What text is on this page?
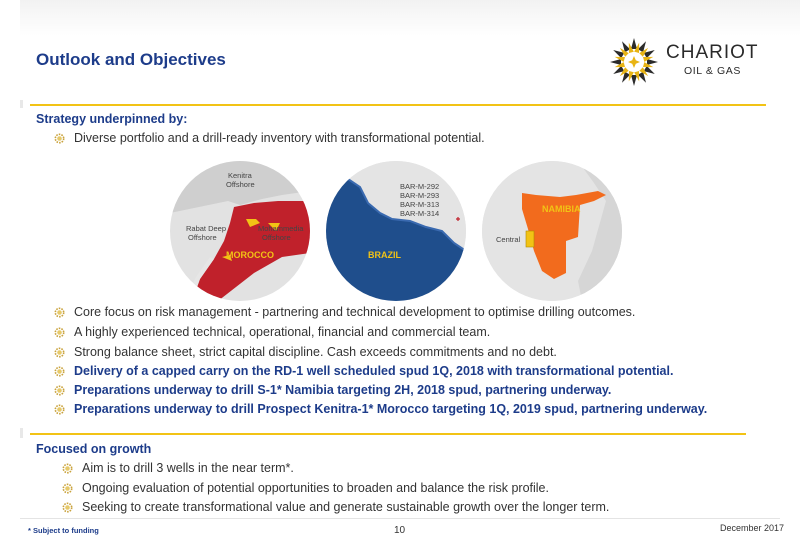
Outlook and Objectives	CHARIOT
OIL & GAS
Strategy underpinned by:
Diverse portfolio and a drill-ready inventory with transformational potential.
Kenitra
Offshore
Rabat Deep
Offshore
Mohammedia
Offshore
MOROCCO
BAR-M-292
BAR-M-293
BAR-M-313
BAR-M-314
BRAZIL
Central
NAMIBIA
Core focus on risk management - partnering and technical development to optimise drilling outcomes.
A highly experienced technical, operational, financial and commercial team.
Strong balance sheet, strict capital discipline. Cash exceeds commitments and no debt.
Delivery of a capped carry on the RD-1 well scheduled spud 1Q, 2018 with transformational potential.
Preparations underway to drill S-1* Namibia targeting 2H, 2018 spud, partnering underway.
Preparations underway to drill Prospect Kenitra-1* Morocco targeting 1Q, 2019 spud, partnering underway.
Focused on growth
Aim is to drill 3 wells in the near term*.
Ongoing evaluation of potential opportunities to broaden and balance the risk profile.
Seeking to create transformational value and generate sustainable growth over the longer term.
* Subject to funding	10	December 2017
